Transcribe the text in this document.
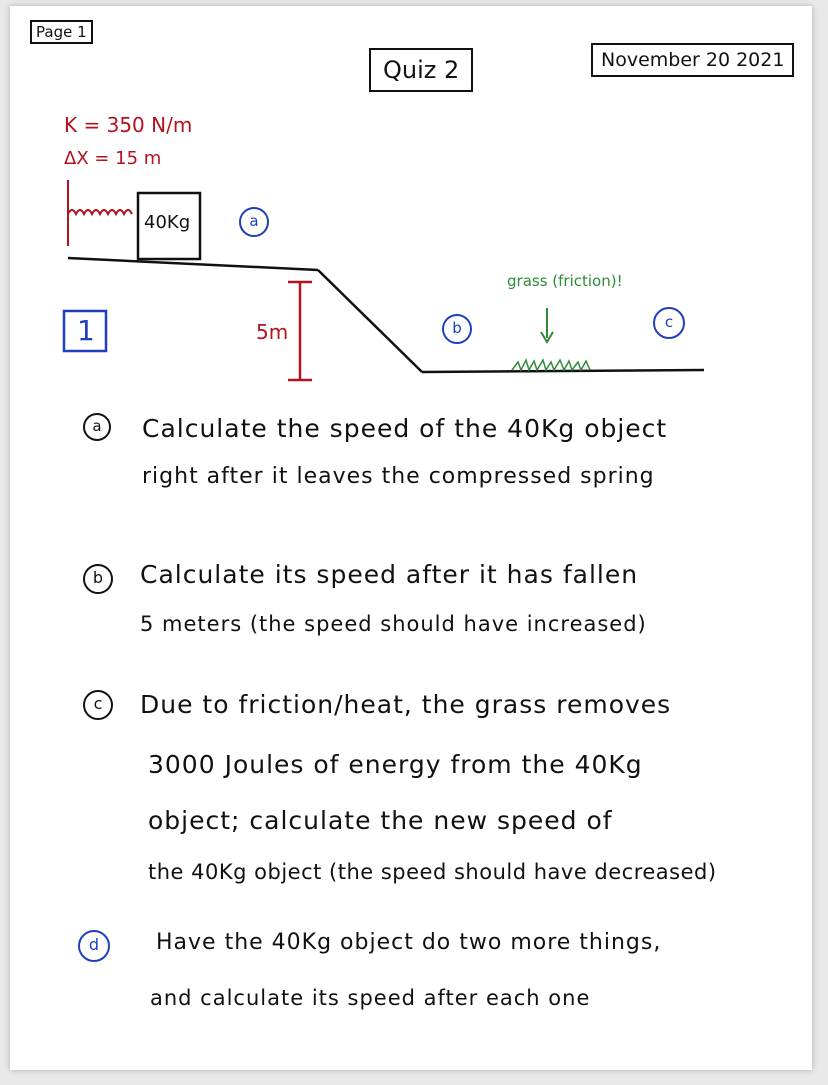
Page 1
Quiz 2	November 20 2021
K = 350 N/m
ΔX = 15 m
40Kg
5m
grass (friction)!
1
a
b	c
a	Calculate the speed of the 40Kg object
right after it leaves the compressed spring
b	Calculate its speed after it has fallen
5 meters (the speed should have increased)
c	Due to friction/heat, the grass removes
3000 Joules of energy from the 40Kg
object; calculate the new speed of
the 40Kg object (the speed should have decreased)
d	Have the 40Kg object do two more things,
and calculate its speed after each one
